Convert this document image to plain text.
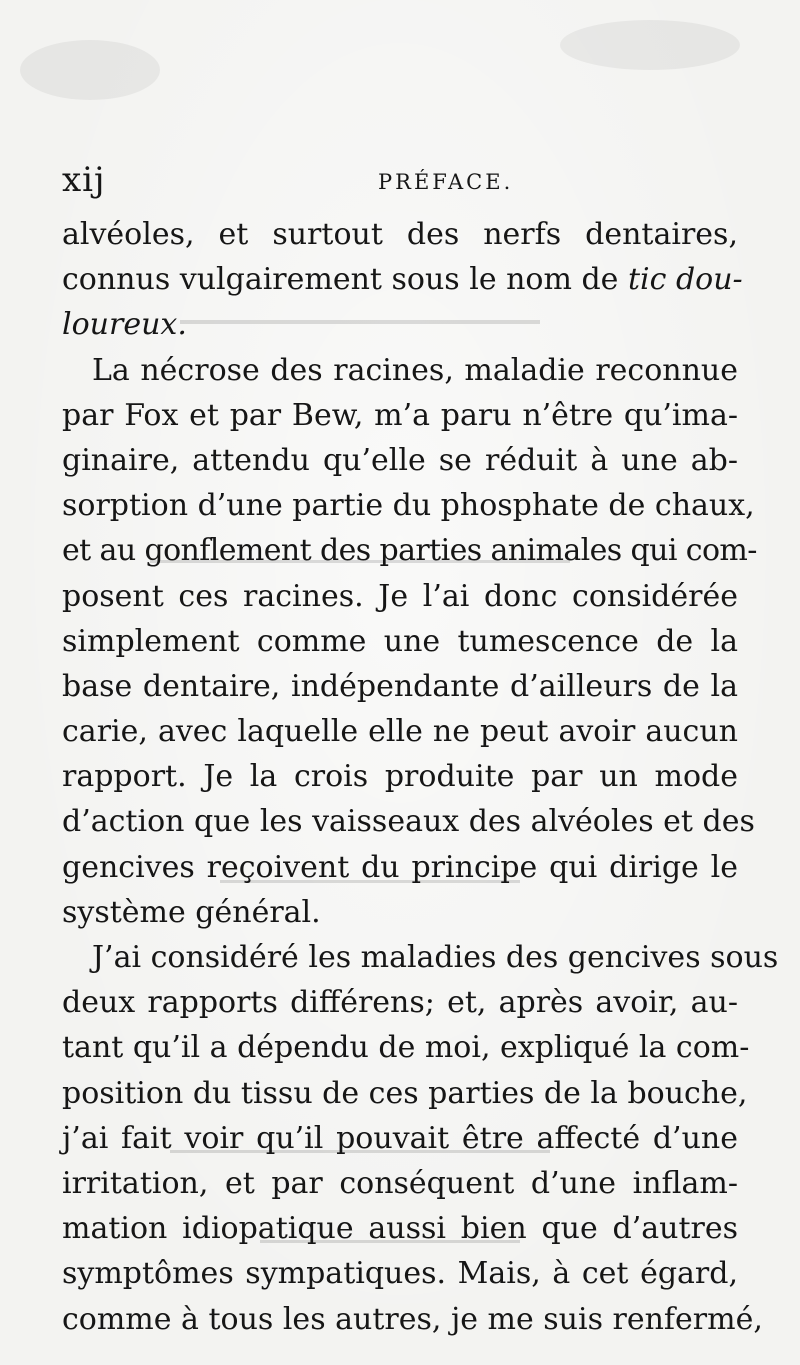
xij	PRÉFACE.
alvéoles, et surtout des nerfs dentaires,
connus vulgairement sous le nom de tic dou-
loureux.
La nécrose des racines, maladie reconnue
par Fox et par Bew, m’a paru n’être qu’ima-
ginaire, attendu qu’elle se réduit à une ab-
sorption d’une partie du phosphate de chaux,
et au gonflement des parties animales qui com-
posent ces racines. Je l’ai donc considérée
simplement comme une tumescence de la
base dentaire, indépendante d’ailleurs de la
carie, avec laquelle elle ne peut avoir aucun
rapport. Je la crois produite par un mode
d’action que les vaisseaux des alvéoles et des
gencives reçoivent du principe qui dirige le
système général.
J’ai considéré les maladies des gencives sous
deux rapports différens; et, après avoir, au-
tant qu’il a dépendu de moi, expliqué la com-
position du tissu de ces parties de la bouche,
j’ai fait voir qu’il pouvait être affecté d’une
irritation, et par conséquent d’une inflam-
mation idiopatique aussi bien que d’autres
symptômes sympatiques. Mais, à cet égard,
comme à tous les autres, je me suis renfermé,
